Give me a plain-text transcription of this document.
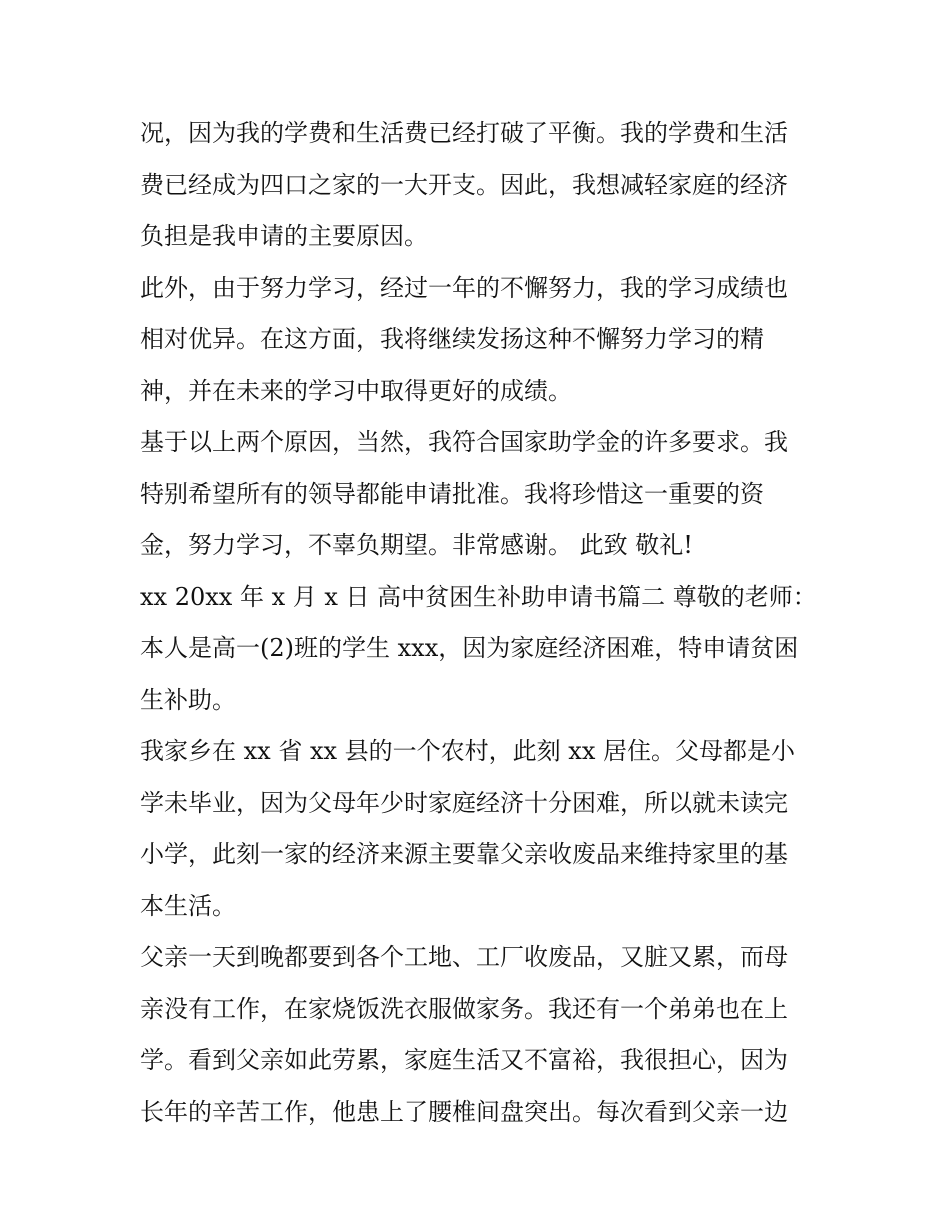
况，因为我的学费和生活费已经打破了平衡。我的学费和生活
费已经成为四口之家的一大开支。因此，我想减轻家庭的经济
负担是我申请的主要原因。
此外，由于努力学习，经过一年的不懈努力，我的学习成绩也
相对优异。在这方面，我将继续发扬这种不懈努力学习的精
神，并在未来的学习中取得更好的成绩。
基于以上两个原因，当然，我符合国家助学金的许多要求。我
特别希望所有的领导都能申请批准。我将珍惜这一重要的资
金，努力学习，不辜负期望。非常感谢。 此致 敬礼!
xx 20xx 年 x 月 x 日 高中贫困生补助申请书篇二 尊敬的老师：
本人是高一(2)班的学生 xxx，因为家庭经济困难，特申请贫困
生补助。
我家乡在 xx 省 xx 县的一个农村，此刻 xx 居住。父母都是小
学未毕业，因为父母年少时家庭经济十分困难，所以就未读完
小学，此刻一家的经济来源主要靠父亲收废品来维持家里的基
本生活。
父亲一天到晚都要到各个工地、工厂收废品，又脏又累，而母
亲没有工作，在家烧饭洗衣服做家务。我还有一个弟弟也在上
学。看到父亲如此劳累，家庭生活又不富裕，我很担心，因为
长年的辛苦工作，他患上了腰椎间盘突出。每次看到父亲一边
